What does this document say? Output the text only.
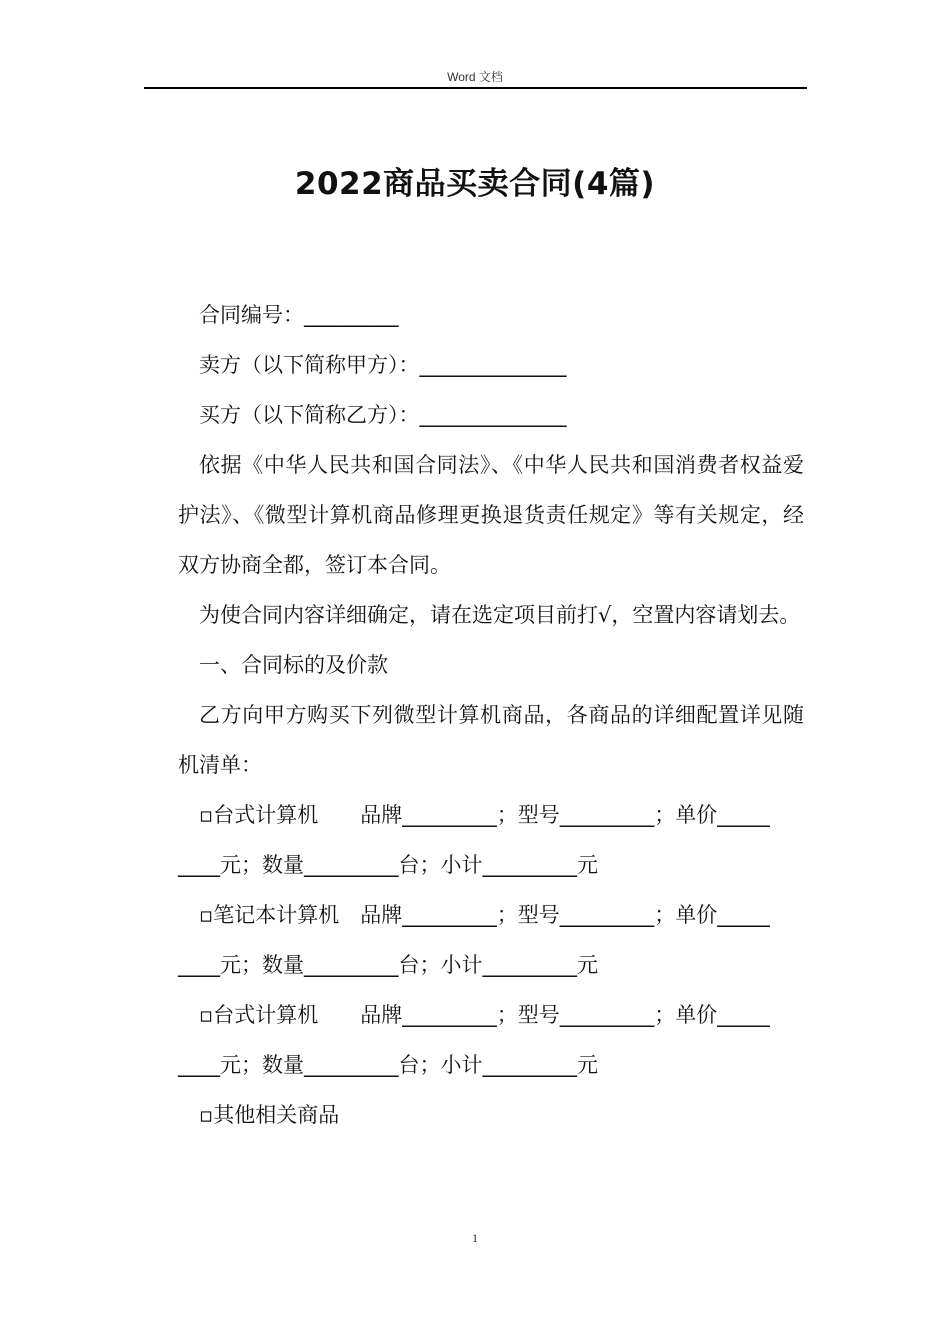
Word 文档
2022商品买卖合同(4篇)

合同编号：_________

卖方（以下简称甲方）：______________

买方（以下简称乙方）：______________

依据《中华人民共和国合同法》、《中华人民共和国消费者权益爱护法》、《微型计算机商品修理更换退货责任规定》等有关规定，经双方协商全都，签订本合同。

为使合同内容详细确定，请在选定项目前打√，空置内容请划去。

一、合同标的及价款

乙方向甲方购买下列微型计算机商品，各商品的详细配置详见随机清单：

▫台式计算机　　品牌_________；型号_________；单价_____

____元；数量_________台；小计_________元

▫笔记本计算机　品牌_________；型号_________；单价_____

____元；数量_________台；小计_________元

▫台式计算机　　品牌_________；型号_________；单价_____

____元；数量_________台；小计_________元

▫其他相关商品

1
